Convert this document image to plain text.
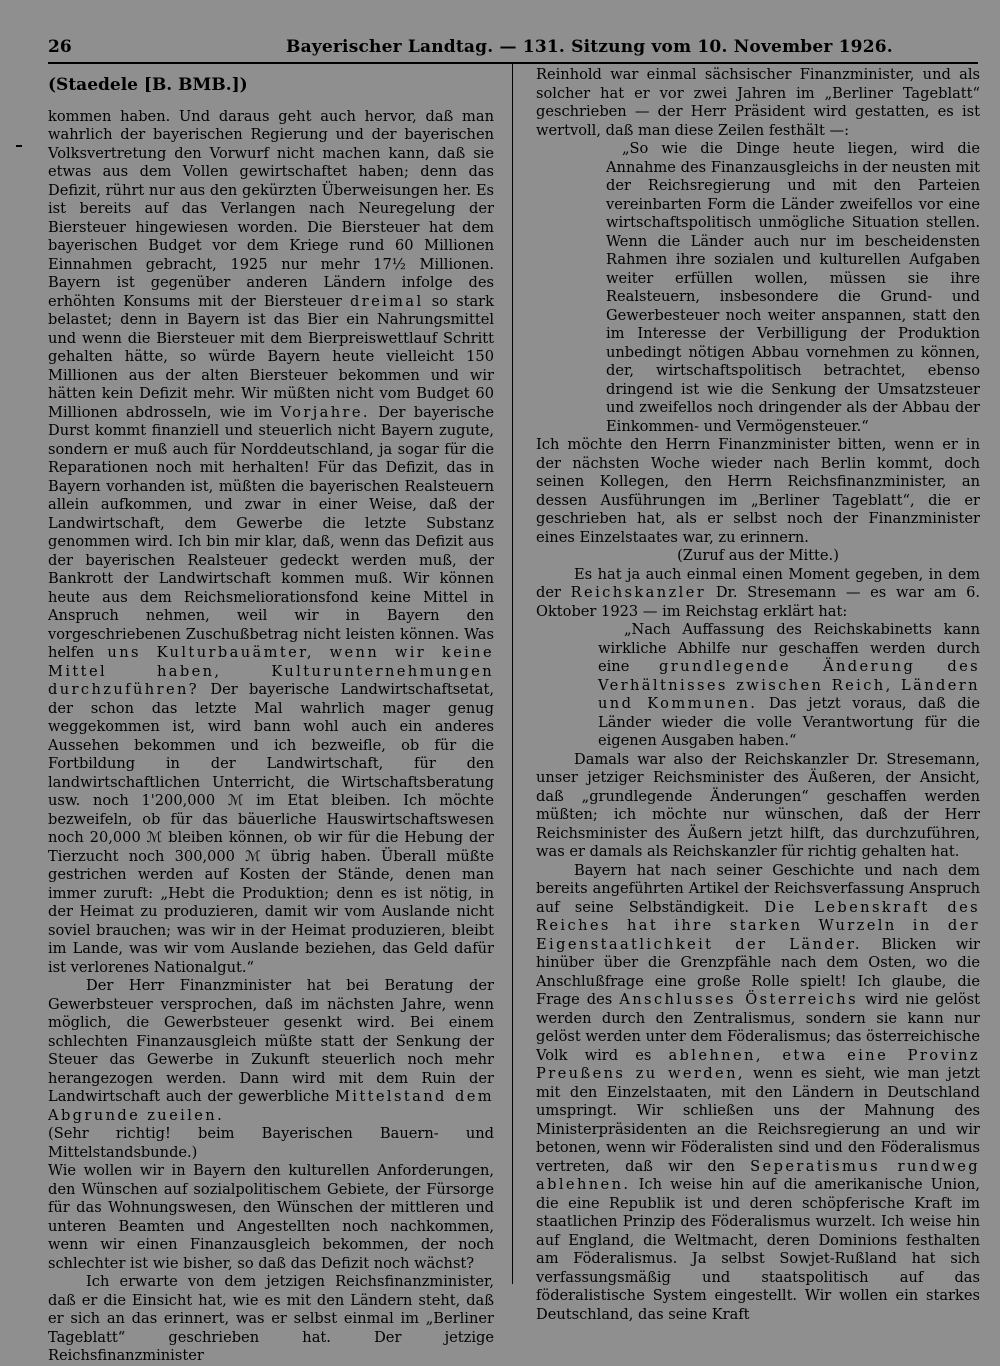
26	Bayerischer Landtag. — 131. Sitzung vom 10. November 1926.
(Staedele [B. BMB.])

kommen haben. Und daraus geht auch hervor, daß man wahrlich der bayerischen Regierung und der bayerischen Volksvertretung den Vorwurf nicht machen kann, daß sie etwas aus dem Vollen gewirtschaftet haben; denn das Defizit, rührt nur aus den gekürzten Überweisungen her. Es ist bereits auf das Verlangen nach Neuregelung der Biersteuer hingewiesen worden. Die Biersteuer hat dem bayerischen Budget vor dem Kriege rund 60 Millionen Einnahmen gebracht, 1925 nur mehr 17½ Millionen. Bayern ist gegenüber anderen Ländern infolge des erhöhten Konsums mit der Biersteuer dreimal so stark belastet; denn in Bayern ist das Bier ein Nahrungsmittel und wenn die Biersteuer mit dem Bierpreiswettlauf Schritt gehalten hätte, so würde Bayern heute vielleicht 150 Millionen aus der alten Biersteuer bekommen und wir hätten kein Defizit mehr. Wir müßten nicht vom Budget 60 Millionen abdrosseln, wie im Vorjahre. Der bayerische Durst kommt finanziell und steuerlich nicht Bayern zugute, sondern er muß auch für Norddeutschland, ja sogar für die Reparationen noch mit herhalten! Für das Defizit, das in Bayern vorhanden ist, müßten die bayerischen Realsteuern allein aufkommen, und zwar in einer Weise, daß der Landwirtschaft, dem Gewerbe die letzte Substanz genommen wird. Ich bin mir klar, daß, wenn das Defizit aus der bayerischen Realsteuer gedeckt werden muß, der Bankrott der Landwirtschaft kommen muß. Wir können heute aus dem Reichsmeliorationsfond keine Mittel in Anspruch nehmen, weil wir in Bayern den vorgeschriebenen Zuschußbetrag nicht leisten können. Was helfen uns Kulturbauämter, wenn wir keine Mittel haben, Kulturunternehmungen durchzuführen? Der bayerische Landwirtschaftsetat, der schon das letzte Mal wahrlich mager genug weggekommen ist, wird bann wohl auch ein anderes Aussehen bekommen und ich bezweifle, ob für die Fortbildung in der Landwirtschaft, für den landwirtschaftlichen Unterricht, die Wirtschaftsberatung usw. noch 1'200,000 ℳ im Etat bleiben. Ich möchte bezweifeln, ob für das bäuerliche Hauswirtschaftswesen noch 20,000 ℳ bleiben können, ob wir für die Hebung der Tierzucht noch 300,000 ℳ übrig haben. Überall müßte gestrichen werden auf Kosten der Stände, denen man immer zuruft: „Hebt die Produktion; denn es ist nötig, in der Heimat zu produzieren, damit wir vom Auslande nicht soviel brauchen; was wir in der Heimat produzieren, bleibt im Lande, was wir vom Auslande beziehen, das Geld dafür ist verlorenes Nationalgut.“

Der Herr Finanzminister hat bei Beratung der Gewerbsteuer versprochen, daß im nächsten Jahre, wenn möglich, die Gewerbsteuer gesenkt wird. Bei einem schlechten Finanzausgleich müßte statt der Senkung der Steuer das Gewerbe in Zukunft steuerlich noch mehr herangezogen werden. Dann wird mit dem Ruin der Landwirtschaft auch der gewerbliche Mittelstand dem Abgrunde zueilen.

(Sehr richtig! beim Bayerischen Bauern- und Mittelstandsbunde.)

Wie wollen wir in Bayern den kulturellen Anforderungen, den Wünschen auf sozialpolitischem Gebiete, der Fürsorge für das Wohnungswesen, den Wünschen der mittleren und unteren Beamten und Angestellten noch nachkommen, wenn wir einen Finanzausgleich bekommen, der noch schlechter ist wie bisher, so daß das Defizit noch wächst?

Ich erwarte von dem jetzigen Reichsfinanzminister, daß er die Einsicht hat, wie es mit den Ländern steht, daß er sich an das erinnert, was er selbst einmal im „Berliner Tageblatt“ geschrieben hat. Der jetzige Reichsfinanzminister

Reinhold war einmal sächsischer Finanzminister, und als solcher hat er vor zwei Jahren im „Berliner Tageblatt“ geschrieben — der Herr Präsident wird gestatten, es ist wertvoll, daß man diese Zeilen festhält —:

„So wie die Dinge heute liegen, wird die Annahme des Finanzausgleichs in der neusten mit der Reichsregierung und mit den Parteien vereinbarten Form die Länder zweifellos vor eine wirtschaftspolitisch unmögliche Situation stellen. Wenn die Länder auch nur im bescheidensten Rahmen ihre sozialen und kulturellen Aufgaben weiter erfüllen wollen, müssen sie ihre Realsteuern, insbesondere die Grund- und Gewerbesteuer noch weiter anspannen, statt den im Interesse der Verbilligung der Produktion unbedingt nötigen Abbau vornehmen zu können, der, wirtschaftspolitisch betrachtet, ebenso dringend ist wie die Senkung der Umsatzsteuer und zweifellos noch dringender als der Abbau der Einkommen- und Vermögensteuer.“

Ich möchte den Herrn Finanzminister bitten, wenn er in der nächsten Woche wieder nach Berlin kommt, doch seinen Kollegen, den Herrn Reichsfinanzminister, an dessen Ausführungen im „Berliner Tageblatt“, die er geschrieben hat, als er selbst noch der Finanzminister eines Einzelstaates war, zu erinnern.

(Zuruf aus der Mitte.)

Es hat ja auch einmal einen Moment gegeben, in dem der Reichskanzler Dr. Stresemann — es war am 6. Oktober 1923 — im Reichstag erklärt hat:

„Nach Auffassung des Reichskabinetts kann wirkliche Abhilfe nur geschaffen werden durch eine grundlegende Änderung des Verhältnisses zwischen Reich, Ländern und Kommunen. Das jetzt voraus, daß die Länder wieder die volle Verantwortung für die eigenen Ausgaben haben.“

Damals war also der Reichskanzler Dr. Stresemann, unser jetziger Reichsminister des Äußeren, der Ansicht, daß „grundlegende Änderungen“ geschaffen werden müßten; ich möchte nur wünschen, daß der Herr Reichsminister des Äußern jetzt hilft, das durchzuführen, was er damals als Reichskanzler für richtig gehalten hat.

Bayern hat nach seiner Geschichte und nach dem bereits angeführten Artikel der Reichsverfassung Anspruch auf seine Selbständigkeit. Die Lebenskraft des Reiches hat ihre starken Wurzeln in der Eigenstaatlichkeit der Länder. Blicken wir hinüber über die Grenzpfähle nach dem Osten, wo die Anschlußfrage eine große Rolle spielt! Ich glaube, die Frage des Anschlusses Österreichs wird nie gelöst werden durch den Zentralismus, sondern sie kann nur gelöst werden unter dem Föderalismus; das österreichische Volk wird es ablehnen, etwa eine Provinz Preußens zu werden, wenn es sieht, wie man jetzt mit den Einzelstaaten, mit den Ländern in Deutschland umspringt. Wir schließen uns der Mahnung des Ministerpräsidenten an die Reichsregierung an und wir betonen, wenn wir Föderalisten sind und den Föderalismus vertreten, daß wir den Seperatismus rundweg ablehnen. Ich weise hin auf die amerikanische Union, die eine Republik ist und deren schöpferische Kraft im staatlichen Prinzip des Föderalismus wurzelt. Ich weise hin auf England, die Weltmacht, deren Dominions festhalten am Föderalismus. Ja selbst Sowjet-Rußland hat sich verfassungsmäßig und staatspolitisch auf das föderalistische System eingestellt. Wir wollen ein starkes Deutschland, das seine Kraft
